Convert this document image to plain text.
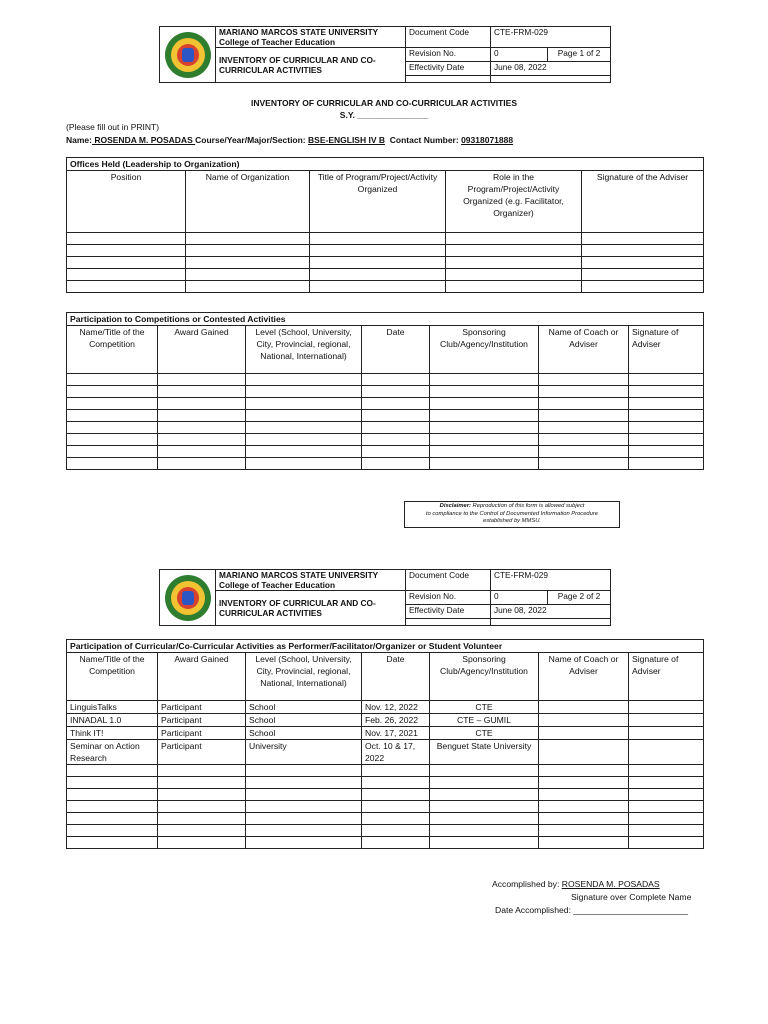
	MARIANO MARCOS STATE UNIVERSITY
College of Teacher Education	Document Code	CTE-FRM-029	
	INVENTORY OF CURRICULAR AND CO-CURRICULAR ACTIVITIES	Revision No.	0	Page 1 of 2
		Effectivity Date	June 08, 2022	

INVENTORY OF CURRICULAR AND CO-CURRICULAR ACTIVITIES
S.Y. _______________
(Please fill out in PRINT)
Name: ROSENDA M. POSADAS Course/Year/Major/Section: BSE-ENGLISH IV B Contact Number: 09318071888
Offices Held (Leadership to Organization)				
Position	Name of Organization	Title of Program/Project/Activity Organized	Role in the Program/Project/Activity Organized (e.g. Facilitator, Organizer)	Signature of the Adviser

Participation to Competitions or Contested Activities						
Name/Title of the Competition	Award Gained	Level (School, University, City, Provincial, regional, National, International)	Date	Sponsoring Club/Agency/Institution	Name of Coach or Adviser	Signature of Adviser

Disclaimer: Reproduction of this form is allowed subject
to compliance to the Control of Documented Information Procedure
established by MMSU.
	MARIANO MARCOS STATE UNIVERSITY
College of Teacher Education	Document Code	CTE-FRM-029	
	INVENTORY OF CURRICULAR AND CO-CURRICULAR ACTIVITIES	Revision No.	0	Page 2 of 2
		Effectivity Date	June 08, 2022	

Participation of Curricular/Co-Curricular Activities as Performer/Facilitator/Organizer or Student Volunteer						
Name/Title of the Competition	Award Gained	Level (School, University, City, Provincial, regional, National, International)	Date	Sponsoring Club/Agency/Institution	Name of Coach or Adviser	Signature of Adviser
LinguisTalks	Participant	School	Nov. 12, 2022	CTE		
INNADAL 1.0	Participant	School	Feb. 26, 2022	CTE – GUMIL		
Think IT!	Participant	School	Nov. 17, 2021	CTE		
Seminar on Action Research	Participant	University	Oct. 10 & 17, 2022	Benguet State University		

Accomplished by: ROSENDA M. POSADAS
Signature over Complete Name
Date Accomplished: ________________________
